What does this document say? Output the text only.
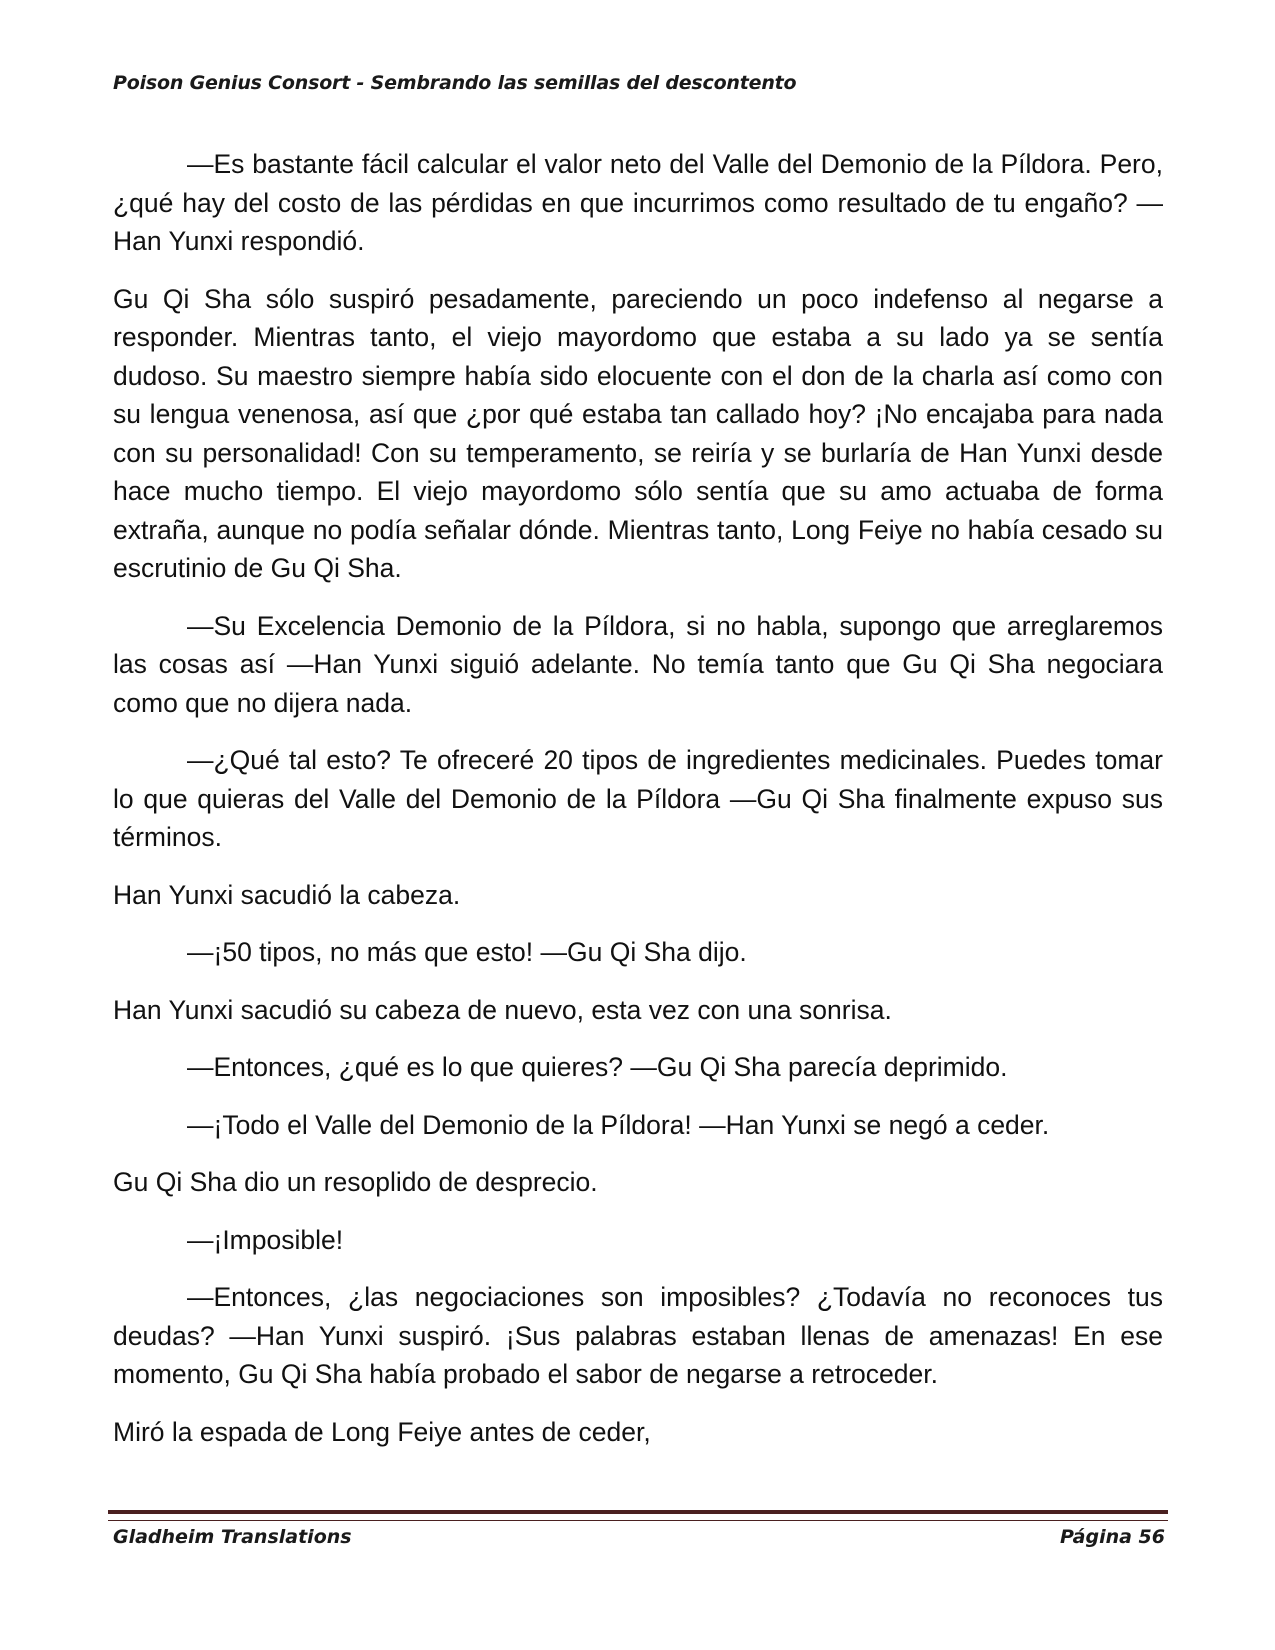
Poison Genius Consort - Sembrando las semillas del descontento

—Es bastante fácil calcular el valor neto del Valle del Demonio de la Píldora. Pero, ¿qué hay del costo de las pérdidas en que incurrimos como resultado de tu engaño? —Han Yunxi respondió.

Gu Qi Sha sólo suspiró pesadamente, pareciendo un poco indefenso al negarse a responder. Mientras tanto, el viejo mayordomo que estaba a su lado ya se sentía dudoso. Su maestro siempre había sido elocuente con el don de la charla así como con su lengua venenosa, así que ¿por qué estaba tan callado hoy? ¡No encajaba para nada con su personalidad! Con su temperamento, se reiría y se burlaría de Han Yunxi desde hace mucho tiempo. El viejo mayordomo sólo sentía que su amo actuaba de forma extraña, aunque no podía señalar dónde. Mientras tanto, Long Feiye no había cesado su escrutinio de Gu Qi Sha.

—Su Excelencia Demonio de la Píldora, si no habla, supongo que arreglaremos las cosas así —Han Yunxi siguió adelante. No temía tanto que Gu Qi Sha negociara como que no dijera nada.

—¿Qué tal esto? Te ofreceré 20 tipos de ingredientes medicinales. Puedes tomar lo que quieras del Valle del Demonio de la Píldora —Gu Qi Sha finalmente expuso sus términos.

Han Yunxi sacudió la cabeza.

—¡50 tipos, no más que esto! —Gu Qi Sha dijo.

Han Yunxi sacudió su cabeza de nuevo, esta vez con una sonrisa.

—Entonces, ¿qué es lo que quieres? —Gu Qi Sha parecía deprimido.

—¡Todo el Valle del Demonio de la Píldora! —Han Yunxi se negó a ceder.

Gu Qi Sha dio un resoplido de desprecio.

—¡Imposible!

—Entonces, ¿las negociaciones son imposibles? ¿Todavía no reconoces tus deudas? —Han Yunxi suspiró. ¡Sus palabras estaban llenas de amenazas! En ese momento, Gu Qi Sha había probado el sabor de negarse a retroceder.

Miró la espada de Long Feiye antes de ceder,

Gladheim Translations	Página 56
